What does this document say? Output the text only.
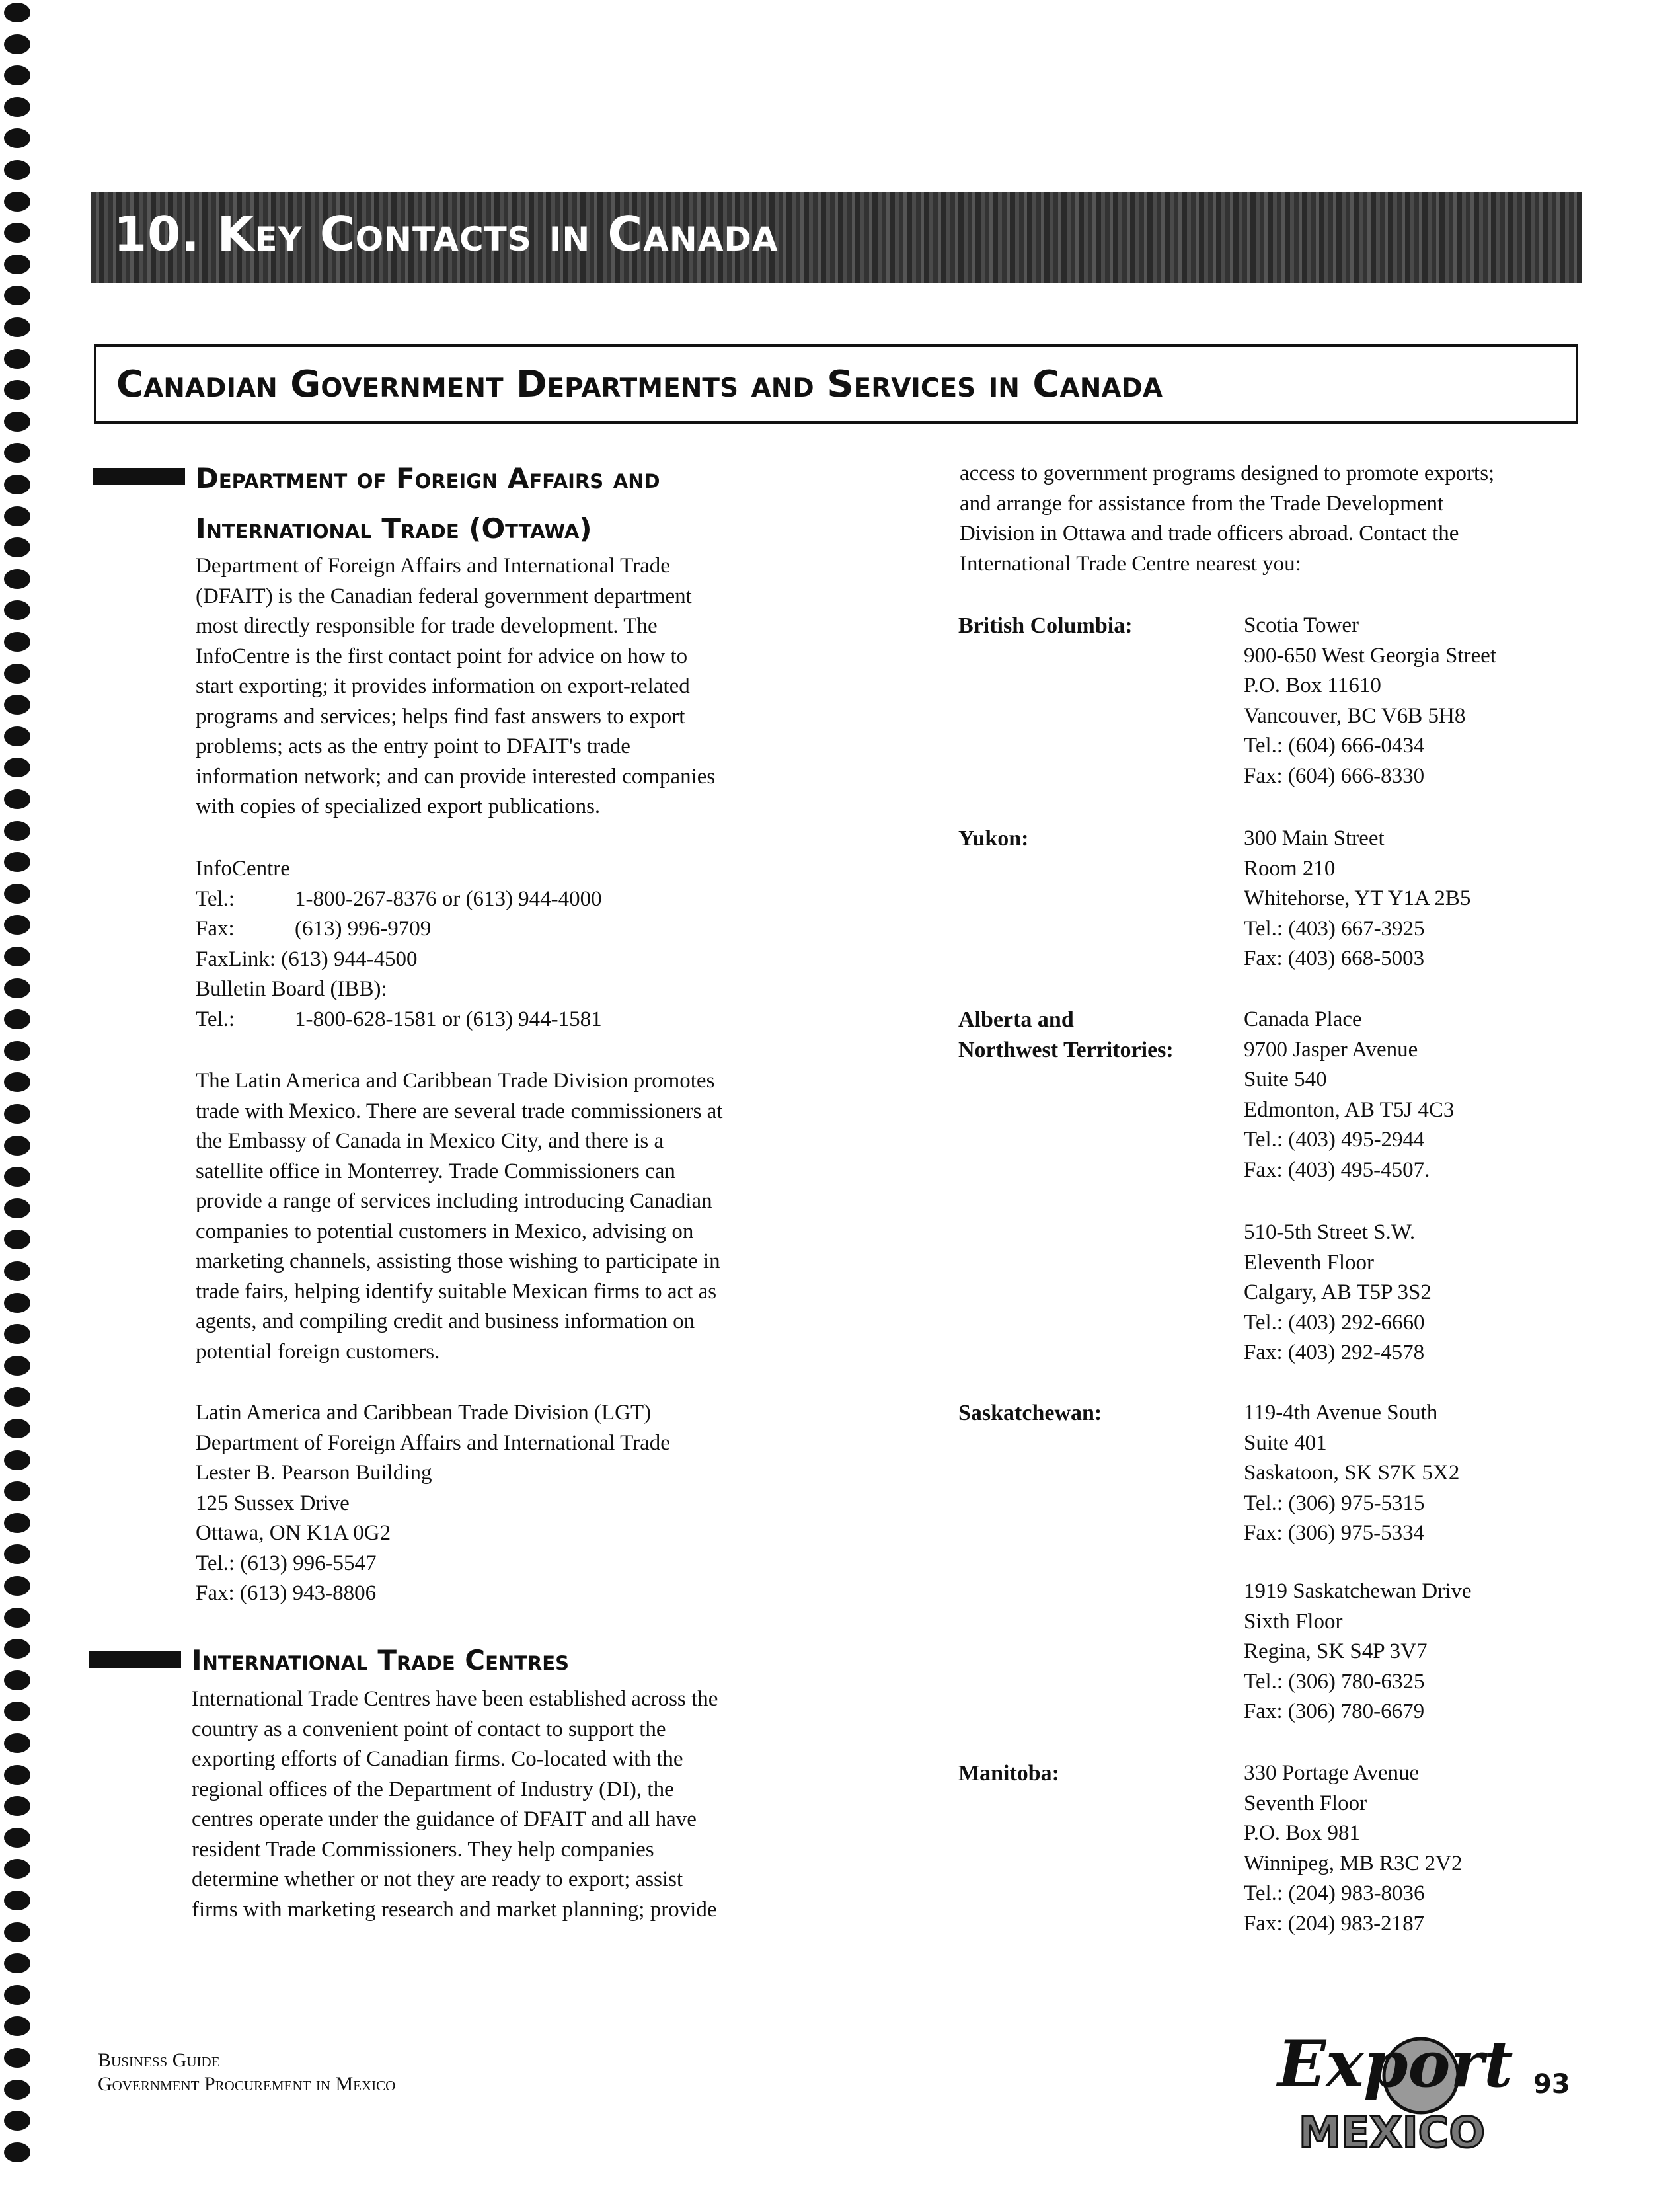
10. Key Contacts in Canada
Canadian Government Departments and Services in Canada
Department of Foreign Affairs and
International Trade (Ottawa)
Department of Foreign Affairs and International Trade
(DFAIT) is the Canadian federal government department
most directly responsible for trade development. The
InfoCentre is the first contact point for advice on how to
start exporting; it provides information on export-related
programs and services; helps find fast answers to export
problems; acts as the entry point to DFAIT's trade
information network; and can provide interested companies
with copies of specialized export publications.
InfoCentre
Tel.:	1-800-267-8376 or (613) 944-4000
Fax:	(613) 996-9709
FaxLink: (613) 944-4500
Bulletin Board (IBB):
Tel.:	1-800-628-1581 or (613) 944-1581
The Latin America and Caribbean Trade Division promotes
trade with Mexico. There are several trade commissioners at
the Embassy of Canada in Mexico City, and there is a
satellite office in Monterrey. Trade Commissioners can
provide a range of services including introducing Canadian
companies to potential customers in Mexico, advising on
marketing channels, assisting those wishing to participate in
trade fairs, helping identify suitable Mexican firms to act as
agents, and compiling credit and business information on
potential foreign customers.
Latin America and Caribbean Trade Division (LGT)
Department of Foreign Affairs and International Trade
Lester B. Pearson Building
125 Sussex Drive
Ottawa, ON K1A 0G2
Tel.: (613) 996-5547
Fax: (613) 943-8806
International Trade Centres
International Trade Centres have been established across the
country as a convenient point of contact to support the
exporting efforts of Canadian firms. Co-located with the
regional offices of the Department of Industry (DI), the
centres operate under the guidance of DFAIT and all have
resident Trade Commissioners. They help companies
determine whether or not they are ready to export; assist
firms with marketing research and market planning; provide
access to government programs designed to promote exports;
and arrange for assistance from the Trade Development
Division in Ottawa and trade officers abroad. Contact the
International Trade Centre nearest you:
British Columbia:	Scotia Tower
900-650 West Georgia Street
P.O. Box 11610
Vancouver, BC V6B 5H8
Tel.: (604) 666-0434
Fax: (604) 666-8330
Yukon:	300 Main Street
Room 210
Whitehorse, YT Y1A 2B5
Tel.: (403) 667-3925
Fax: (403) 668-5003
Alberta and
Northwest Territories:
Canada Place
9700 Jasper Avenue
Suite 540
Edmonton, AB T5J 4C3
Tel.: (403) 495-2944
Fax: (403) 495-4507.
510-5th Street S.W.
Eleventh Floor
Calgary, AB T5P 3S2
Tel.: (403) 292-6660
Fax: (403) 292-4578
Saskatchewan:	119-4th Avenue South
Suite 401
Saskatoon, SK S7K 5X2
Tel.: (306) 975-5315
Fax: (306) 975-5334
1919 Saskatchewan Drive
Sixth Floor
Regina, SK S4P 3V7
Tel.: (306) 780-6325
Fax: (306) 780-6679
Manitoba:	330 Portage Avenue
Seventh Floor
P.O. Box 981
Winnipeg, MB R3C 2V2
Tel.: (204) 983-8036
Fax: (204) 983-2187
Business Guide
Government Procurement in Mexico	93
Export
MEXICO
